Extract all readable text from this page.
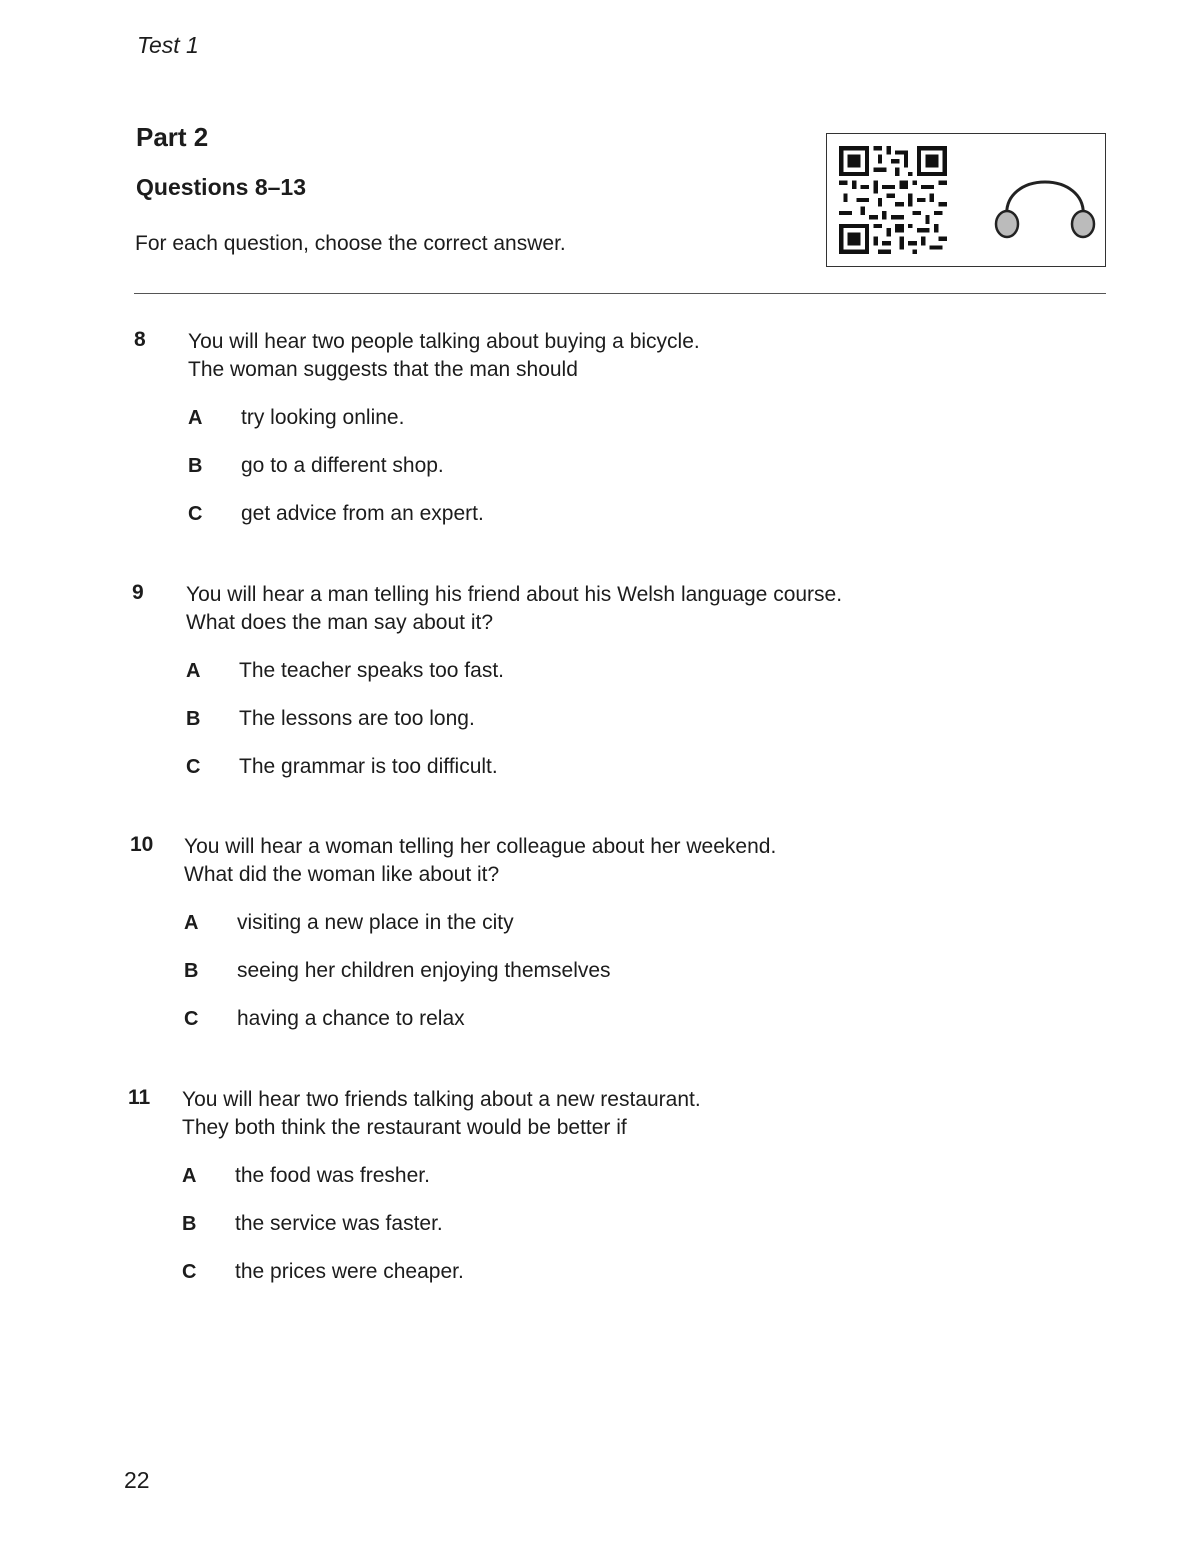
Test 1
Part 2
Questions 8–13
For each question, choose the correct answer.
8 You will hear two people talking about buying a bicycle.
The woman suggests that the man should
A try looking online.
B go to a different shop.
C get advice from an expert.
9 You will hear a man telling his friend about his Welsh language course.
What does the man say about it?
A The teacher speaks too fast.
B The lessons are too long.
C The grammar is too difficult.
10 You will hear a woman telling her colleague about her weekend.
What did the woman like about it?
A visiting a new place in the city
B seeing her children enjoying themselves
C having a chance to relax
11 You will hear two friends talking about a new restaurant.
They both think the restaurant would be better if
A the food was fresher.
B the service was faster.
C the prices were cheaper.
22
